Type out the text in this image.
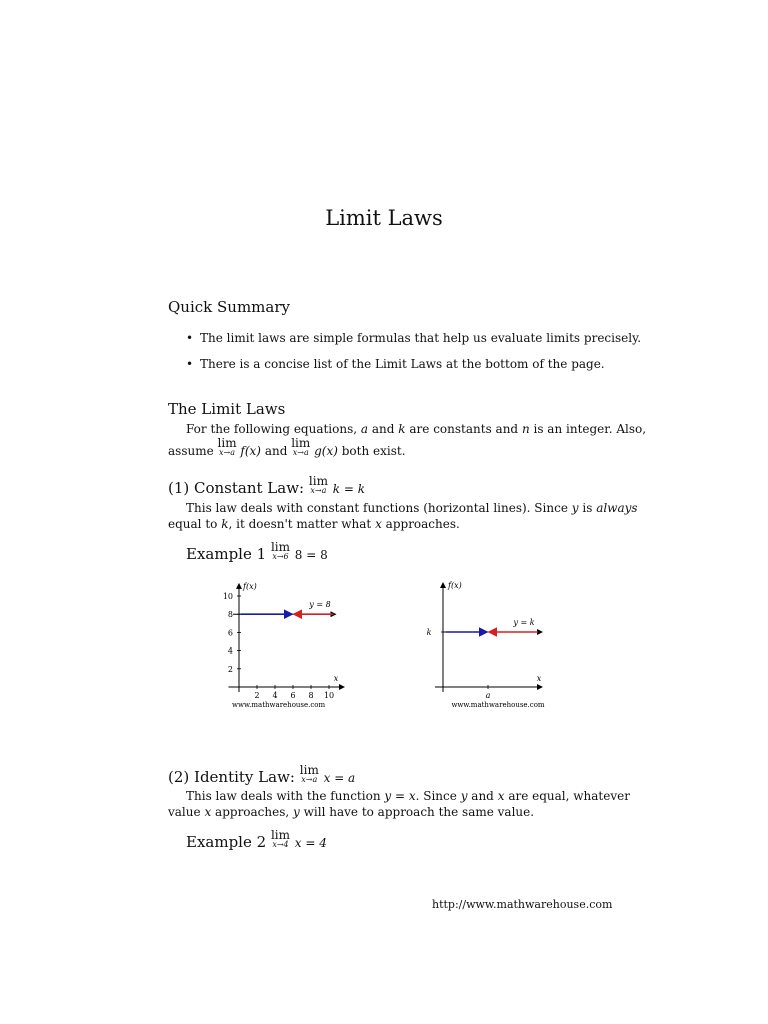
Limit Laws
Quick Summary
• The limit laws are simple formulas that help us evaluate limits precisely.
• There is a concise list of the Limit Laws at the bottom of the page.
The Limit Laws
For the following equations, a and k are constants and n is an integer. Also,
assume
lim
x→a f(x) and
lim
x→a g(x) both exist.
(1) Constant Law: lim
x→a k = k
This law deals with constant functions (horizontal lines). Since y is always
equal to k, it doesn't matter what x approaches.
Example 1 lim
x→6 8 = 8
2 4 6 8 10
2
4
6
8
10
f(x)
x
y = 8
www.mathwarehouse.com
f(x)
x
a
k
y = k
www.mathwarehouse.com
(2) Identity Law: lim
x→a x = a
This law deals with the function y = x. Since y and x are equal, whatever
value x approaches, y will have to approach the same value.
Example 2 lim
x→4 x = 4
http://www.mathwarehouse.com
